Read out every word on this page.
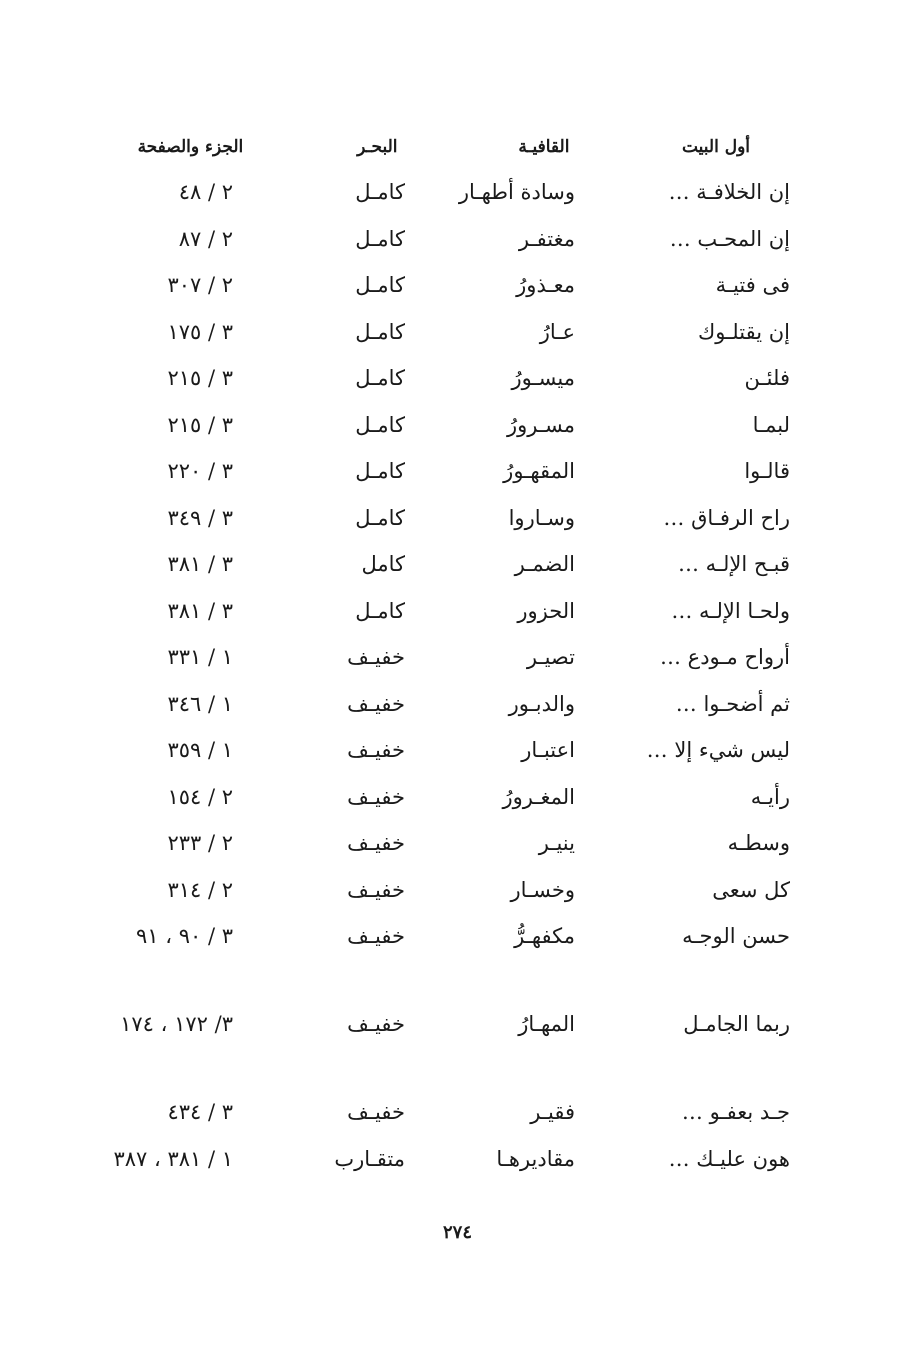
أول البيت
القافيـة
البحـر
الجزء والصفحة
إن الخلافـة …
وسادة أطهـار
كامـل
٢ / ٤٨
إن المحـب …
مغتفـر
كامـل
٢ / ٨٧
فى فتيـة
معـذورُ
كامـل
٢ / ٣٠٧
إن يقتلـوك
عـارُ
كامـل
٣ / ١٧٥
فلئـن
ميسـورُ
كامـل
٣ / ٢١٥
لبمـا
مسـرورُ
كامـل
٣ / ٢١٥
قالـوا
المقهـورُ
كامـل
٣ / ٢٢٠
راح الرفـاق …
وسـاروا
كامـل
٣ / ٣٤٩
قبـح الإلـه …
الضمـر
كامل
٣ / ٣٨١
ولحـا الإلـه …
الحزور
كامـل
٣ / ٣٨١
أرواح مـودع …
تصيـر
خفيـف
١ / ٣٣١
ثم أضحـوا …
والدبـور
خفيـف
١ / ٣٤٦
ليس شيء إلا …
اعتبـار
خفيـف
١ / ٣٥٩
رأيـه
المغـرورُ
خفيـف
٢ / ١٥٤
وسطـه
ينيـر
خفيـف
٢ / ٢٣٣
كل سعى
وخسـار
خفيـف
٢ / ٣١٤
حسن الوجـه
مكفهـرُّ
خفيـف
٣ / ٩٠ ، ٩١
ربما الجامـل
المهـارُ
خفيـف
٣/ ١٧٢ ، ١٧٤
جـد بعفـو …
فقيـر
خفيـف
٣ / ٤٣٤
هون عليـك …
مقاديرهـا
متقـارب
١ / ٣٨١ ، ٣٨٧
٢٧٤
